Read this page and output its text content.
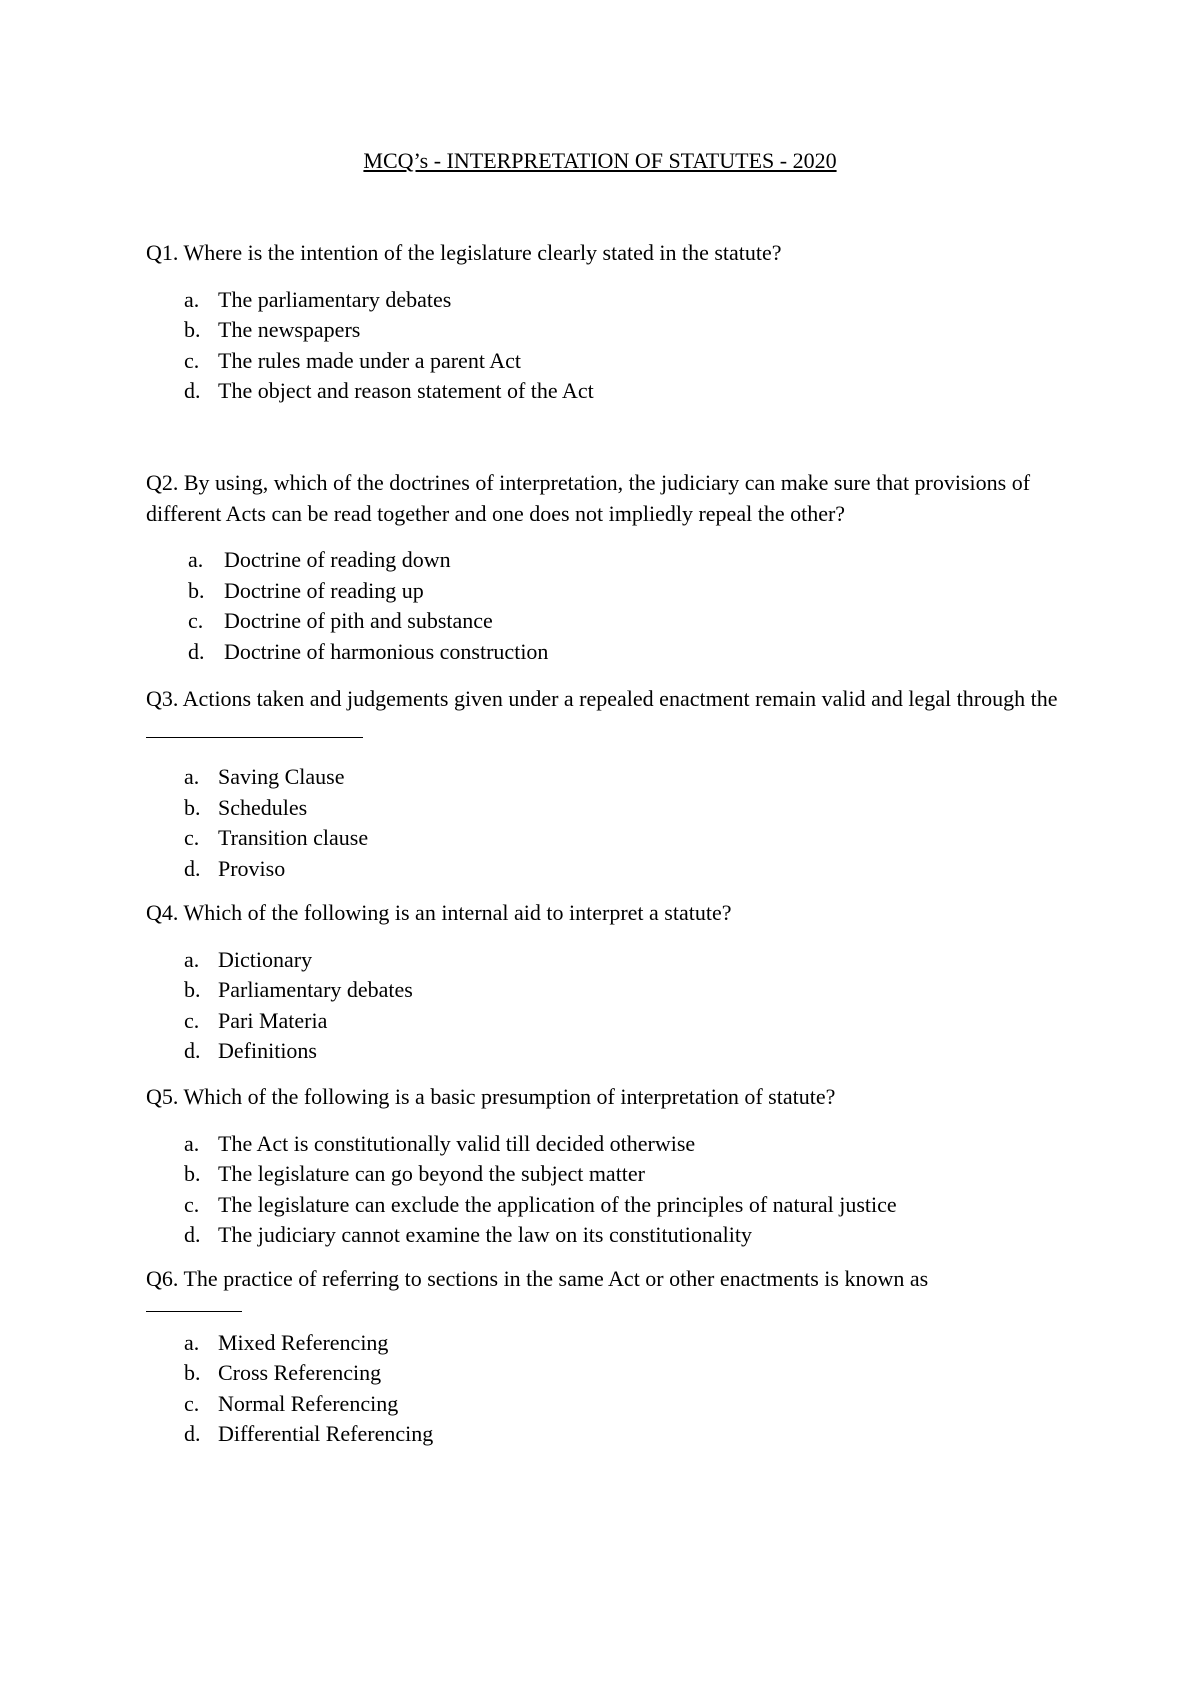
MCQ’s - INTERPRETATION OF STATUTES - 2020

Q1. Where is the intention of the legislature clearly stated in the statute?

a. The parliamentary debates
b. The newspapers
c. The rules made under a parent Act
d. The object and reason statement of the Act

Q2. By using, which of the doctrines of interpretation, the judiciary can make sure that provisions of different Acts can be read together and one does not impliedly repeal the other?

a. Doctrine of reading down
b. Doctrine of reading up
c. Doctrine of pith and substance
d. Doctrine of harmonious construction

Q3. Actions taken and judgements given under a repealed enactment remain valid and legal through the

a. Saving Clause
b. Schedules
c. Transition clause
d. Proviso

Q4. Which of the following is an internal aid to interpret a statute?

a. Dictionary
b. Parliamentary debates
c. Pari Materia
d. Definitions

Q5. Which of the following is a basic presumption of interpretation of statute?

a. The Act is constitutionally valid till decided otherwise
b. The legislature can go beyond the subject matter
c. The legislature can exclude the application of the principles of natural justice
d. The judiciary cannot examine the law on its constitutionality

Q6. The practice of referring to sections in the same Act or other enactments is known as

a. Mixed Referencing
b. Cross Referencing
c. Normal Referencing
d. Differential Referencing
